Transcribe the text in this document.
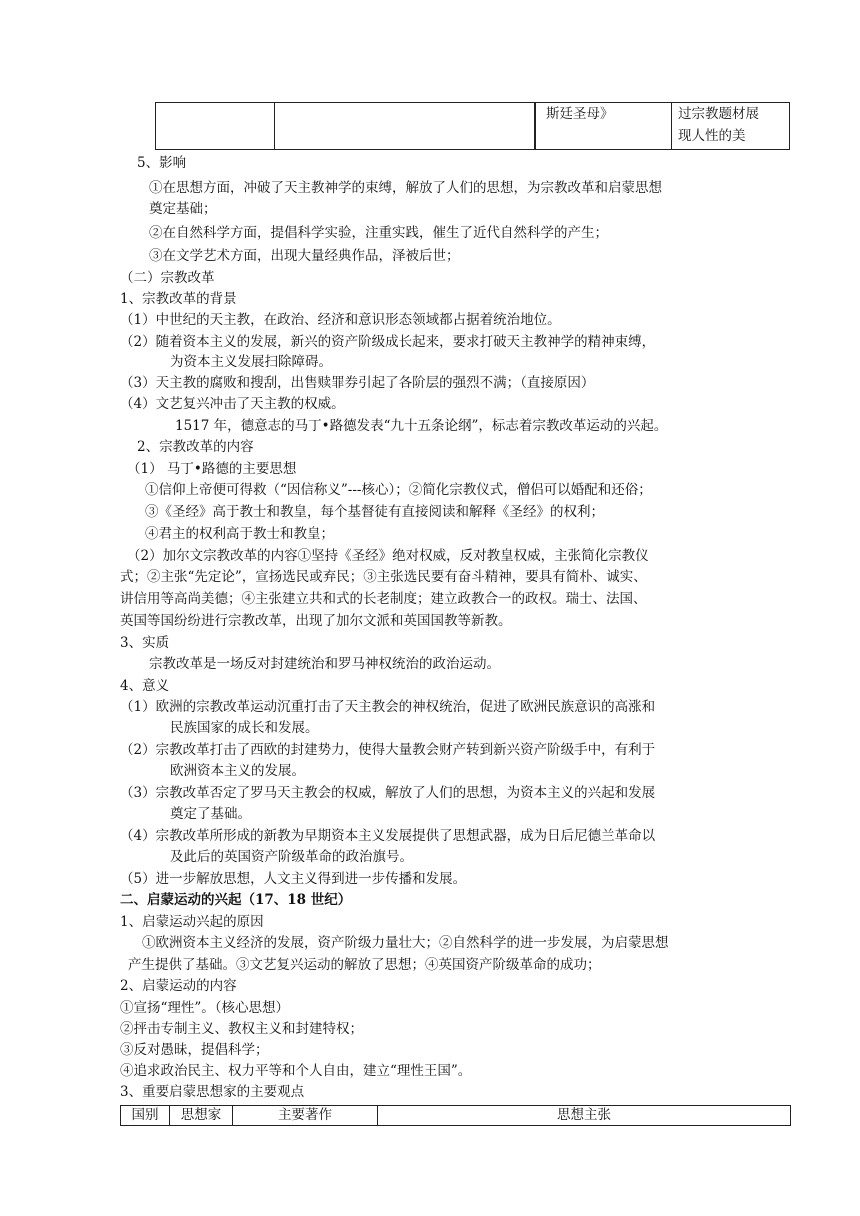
			斯廷圣母》	过宗教题材展
现人性的美
5、影响
①在思想方面，冲破了天主教神学的束缚，解放了人们的思想，为宗教改革和启蒙思想
奠定基础；
②在自然科学方面，提倡科学实验，注重实践，催生了近代自然科学的产生；
③在文学艺术方面，出现大量经典作品，泽被后世；
（二）宗教改革
1、宗教改革的背景
（1）中世纪的天主教，在政治、经济和意识形态领域都占据着统治地位。
（2）随着资本主义的发展，新兴的资产阶级成长起来，要求打破天主教神学的精神束缚，
为资本主义发展扫除障碍。
（3）天主教的腐败和搜刮，出售赎罪券引起了各阶层的强烈不满；（直接原因）
（4）文艺复兴冲击了天主教的权威。
1517 年，德意志的马丁•路德发表“九十五条论纲”，标志着宗教改革运动的兴起。
2、宗教改革的内容
（1） 马丁•路德的主要思想
①信仰上帝便可得救（“因信称义”---核心）；②简化宗教仪式，僧侣可以婚配和还俗；
③《圣经》高于教士和教皇，每个基督徒有直接阅读和解释《圣经》的权利；
④君主的权利高于教士和教皇；
（2）加尔文宗教改革的内容①坚持《圣经》绝对权威，反对教皇权威，主张简化宗教仪
式；②主张“先定论”，宣扬选民或弃民；③主张选民要有奋斗精神，要具有简朴、诚实、
讲信用等高尚美德；④主张建立共和式的长老制度；建立政教合一的政权。瑞士、法国、
英国等国纷纷进行宗教改革，出现了加尔文派和英国国教等新教。
3、实质
宗教改革是一场反对封建统治和罗马神权统治的政治运动。
4、意义
（1）欧洲的宗教改革运动沉重打击了天主教会的神权统治，促进了欧洲民族意识的高涨和
民族国家的成长和发展。
（2）宗教改革打击了西欧的封建势力，使得大量教会财产转到新兴资产阶级手中，有利于
欧洲资本主义的发展。
（3）宗教改革否定了罗马天主教会的权威，解放了人们的思想，为资本主义的兴起和发展
奠定了基础。
（4）宗教改革所形成的新教为早期资本主义发展提供了思想武器，成为日后尼德兰革命以
及此后的英国资产阶级革命的政治旗号。
（5）进一步解放思想，人文主义得到进一步传播和发展。
二、启蒙运动的兴起（17、18 世纪）
1、启蒙运动兴起的原因
①欧洲资本主义经济的发展，资产阶级力量壮大；②自然科学的进一步发展，为启蒙思想
产生提供了基础。③文艺复兴运动的解放了思想；④英国资产阶级革命的成功；
2、启蒙运动的内容
①宣扬“理性”。（核心思想）
②抨击专制主义、教权主义和封建特权；
③反对愚昧，提倡科学；
④追求政治民主、权力平等和个人自由，建立“理性王国”。
3、重要启蒙思想家的主要观点
国别	思想家	主要著作	思想主张
